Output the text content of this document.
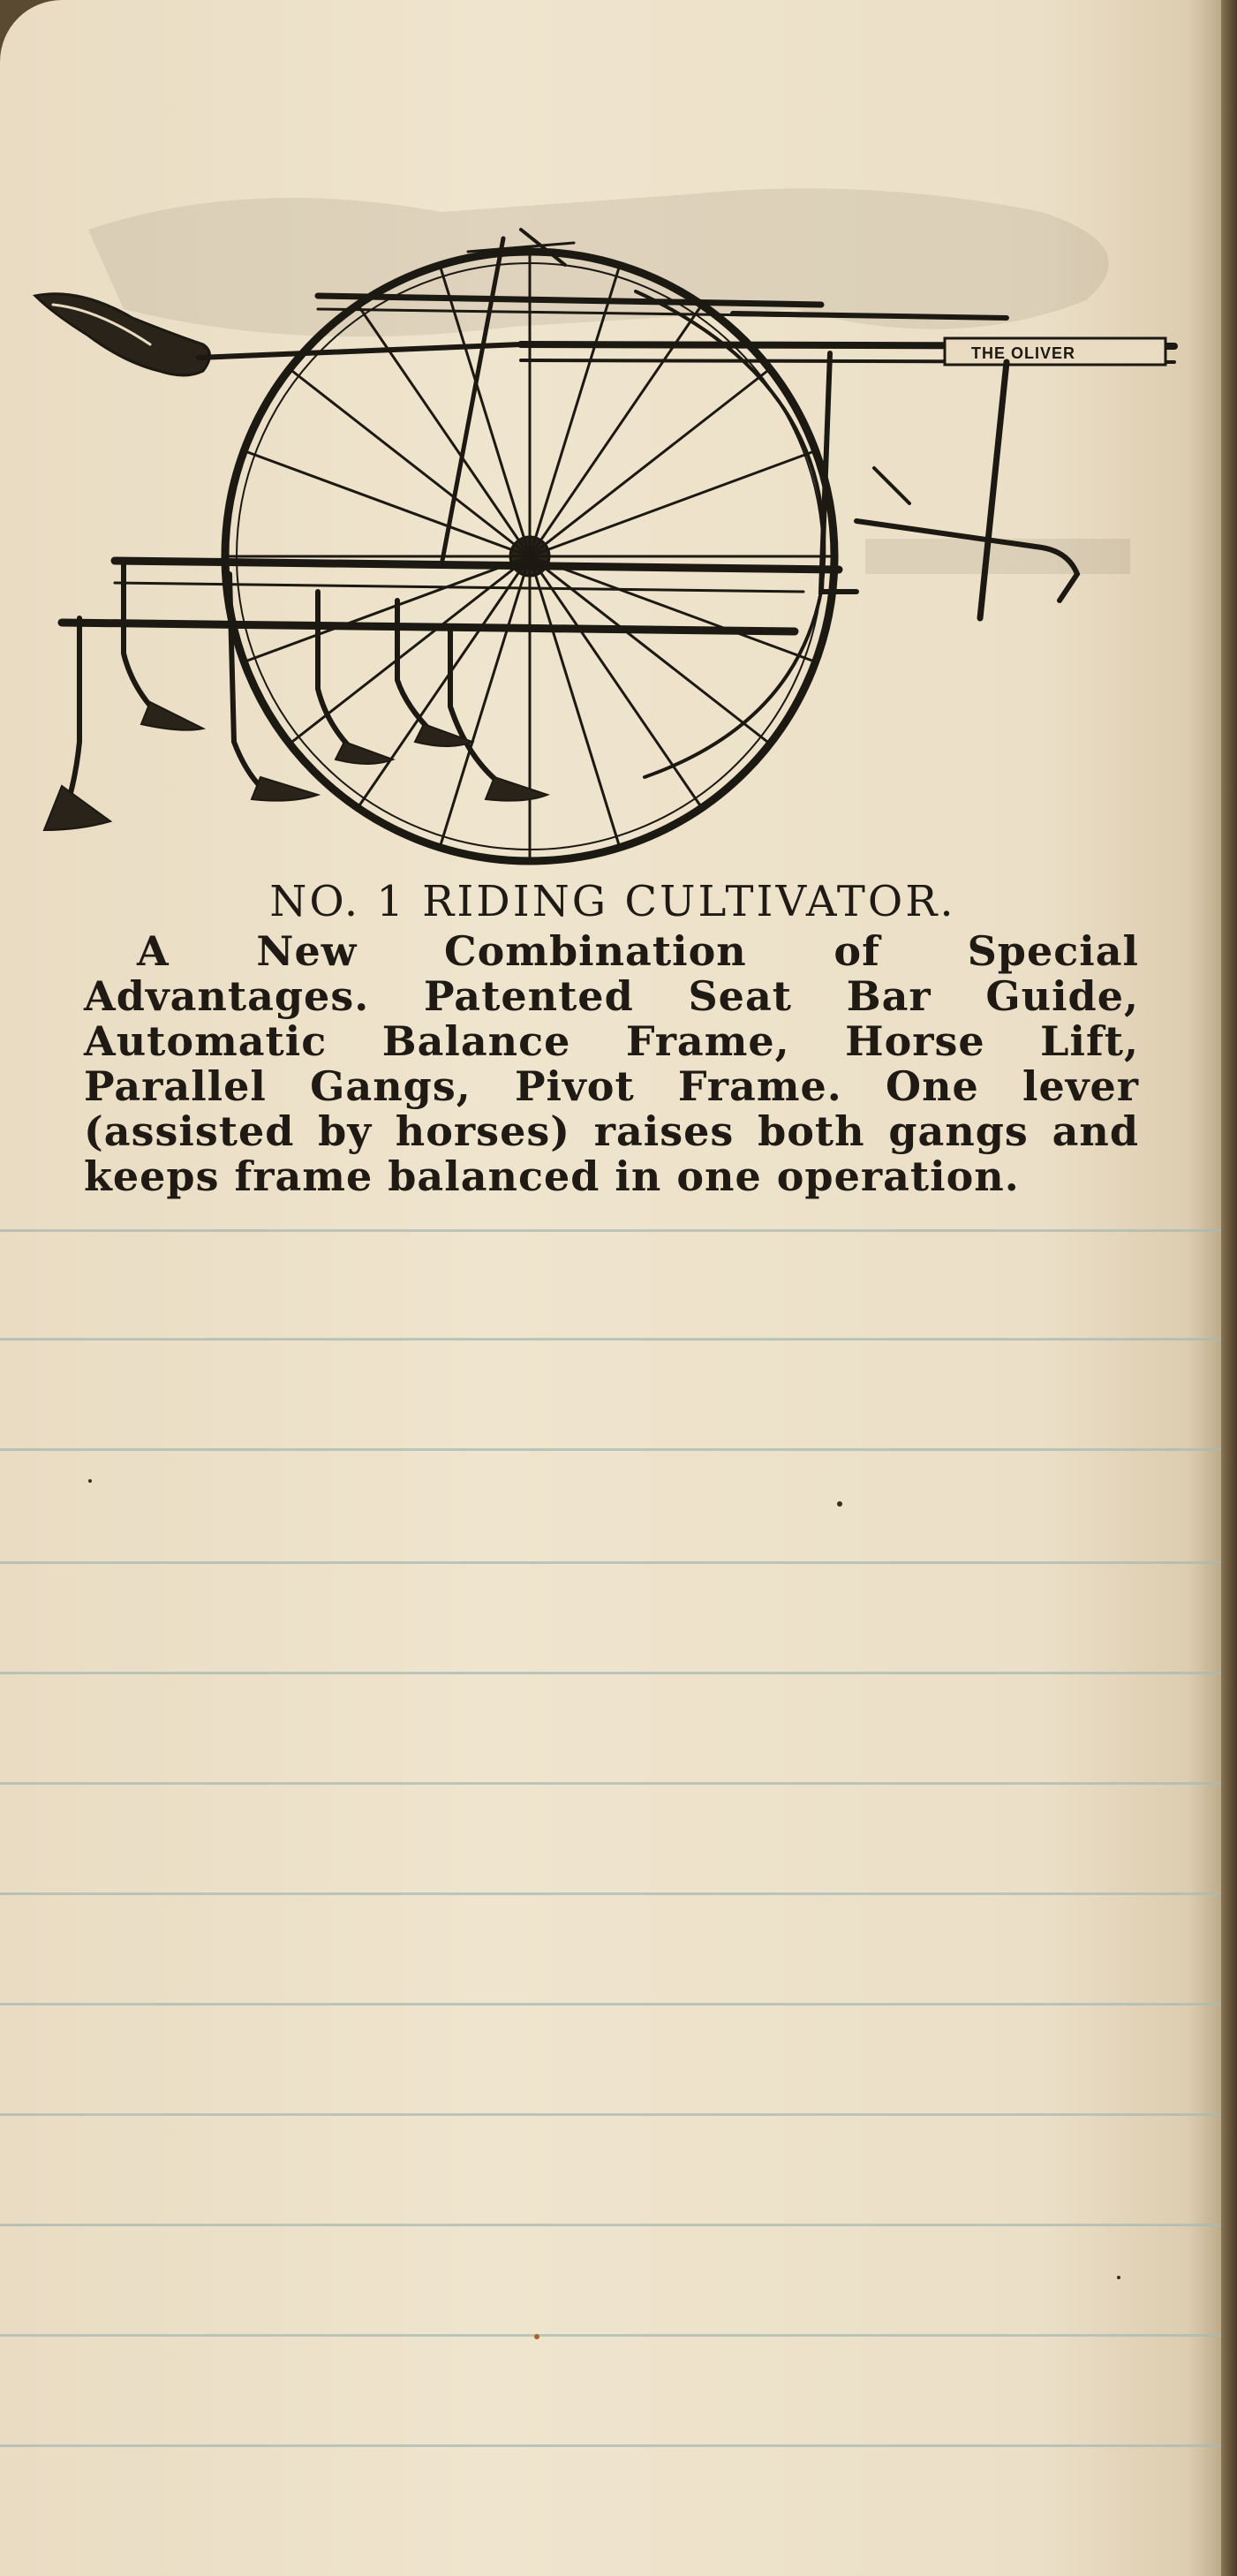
THE OLIVER
NO. 1 RIDING CULTIVATOR.

A New Combination of Special Advantages. Patented Seat Bar Guide, Automatic Balance Frame, Horse Lift, Parallel Gangs, Pivot Frame. One lever (assisted by horses) raises both gangs and keeps frame balanced in one operation.
